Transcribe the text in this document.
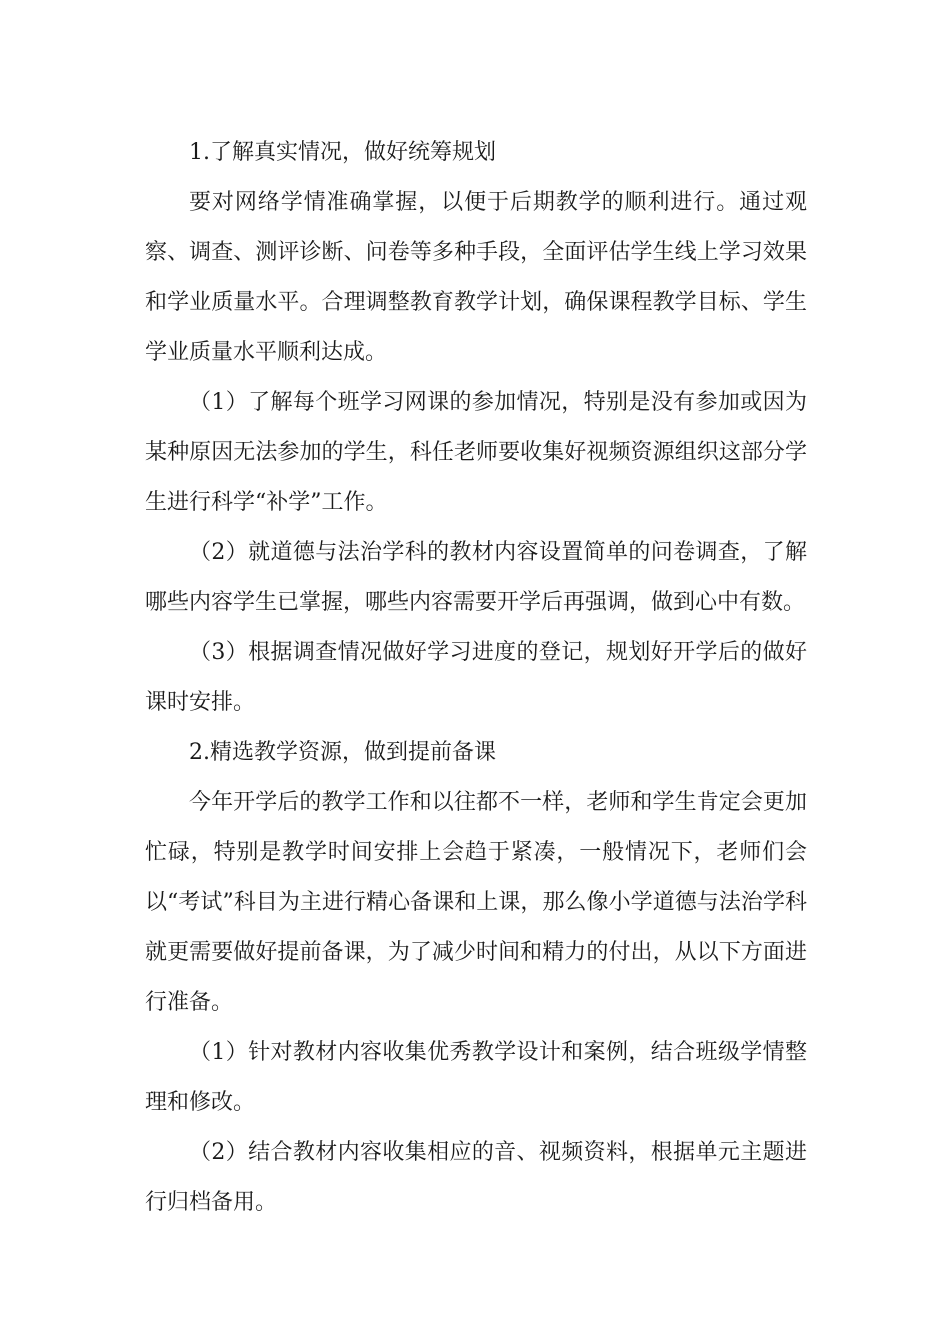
1.了解真实情况，做好统筹规划

要对网络学情准确掌握，以便于后期教学的顺利进行。通过观察、调查、测评诊断、问卷等多种手段，全面评估学生线上学习效果和学业质量水平。合理调整教育教学计划，确保课程教学目标、学生学业质量水平顺利达成。

（1）了解每个班学习网课的参加情况，特别是没有参加或因为某种原因无法参加的学生，科任老师要收集好视频资源组织这部分学生进行科学“补学”工作。

（2）就道德与法治学科的教材内容设置简单的问卷调查，了解哪些内容学生已掌握，哪些内容需要开学后再强调，做到心中有数。

（3）根据调查情况做好学习进度的登记，规划好开学后的做好课时安排。

2.精选教学资源，做到提前备课

今年开学后的教学工作和以往都不一样，老师和学生肯定会更加忙碌，特别是教学时间安排上会趋于紧凑，一般情况下，老师们会以“考试”科目为主进行精心备课和上课，那么像小学道德与法治学科就更需要做好提前备课，为了减少时间和精力的付出，从以下方面进行准备。

（1）针对教材内容收集优秀教学设计和案例，结合班级学情整理和修改。

（2）结合教材内容收集相应的音、视频资料，根据单元主题进行归档备用。
